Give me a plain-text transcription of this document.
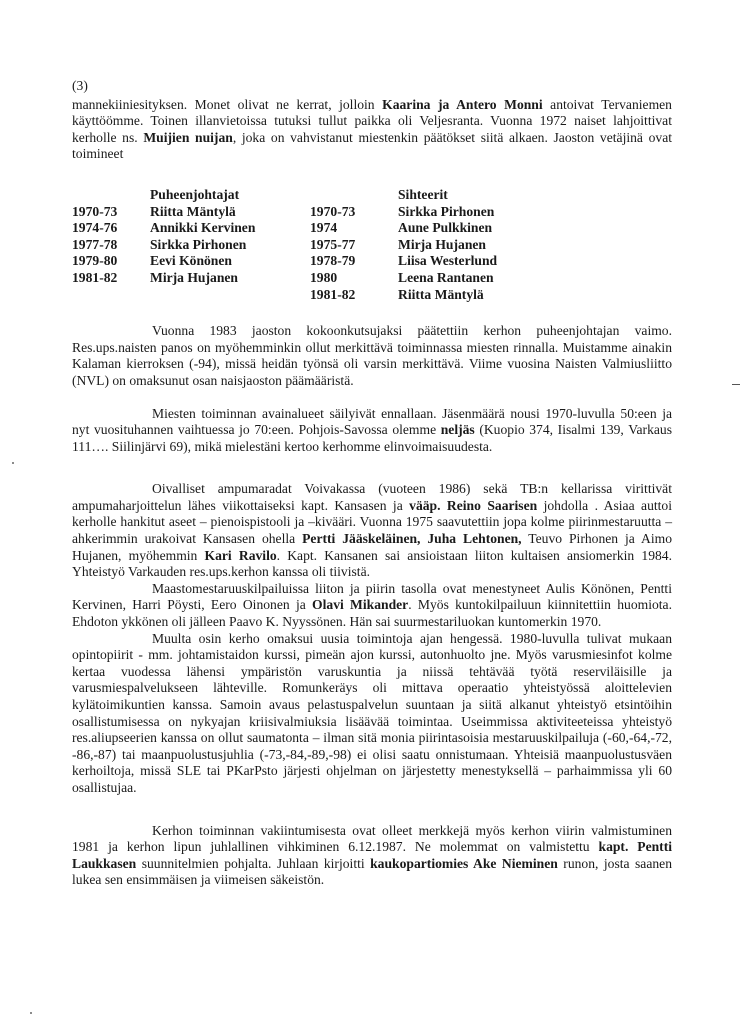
(3)

mannekiiniesityksen. Monet olivat ne kerrat, jolloin Kaarina ja Antero Monni antoivat Tervaniemen käyttöömme. Toinen illanvietoissa tutuksi tullut paikka oli Veljesranta. Vuonna 1972 naiset lahjoittivat kerholle ns. Muijien nuijan, joka on vahvistanut miestenkin päätökset siitä alkaen. Jaoston vetäjinä ovat toimineet

	Puheenjohtajat		Sihteerit
1970-73	Riitta Mäntylä	1970-73	Sirkka Pirhonen
1974-76	Annikki Kervinen	1974	Aune Pulkkinen
1977-78	Sirkka Pirhonen	1975-77	Mirja Hujanen
1979-80	Eevi Könönen	1978-79	Liisa Westerlund
1981-82	Mirja Hujanen	1980	Leena Rantanen
		1981-82	Riitta Mäntylä

Vuonna 1983 jaoston kokoonkutsujaksi päätettiin kerhon puheenjohtajan vaimo. Res.ups.naisten panos on myöhemminkin ollut merkittävä toiminnassa miesten rinnalla. Muistamme ainakin Kalaman kierroksen (-94), missä heidän työnsä oli varsin merkittävä. Viime vuosina Naisten Valmiusliitto (NVL) on omaksunut osan naisjaoston päämääristä.

Miesten toiminnan avainalueet säilyivät ennallaan. Jäsenmäärä nousi 1970-luvulla 50:een ja nyt vuosituhannen vaihtuessa jo 70:een. Pohjois-Savossa olemme neljäs (Kuopio 374, Iisalmi 139, Varkaus 111…. Siilinjärvi 69), mikä mielestäni kertoo kerhomme elinvoimaisuudesta.

Oivalliset ampumaradat Voivakassa (vuoteen 1986) sekä TB:n kellarissa virittivät ampumaharjoittelun lähes viikottaiseksi kapt. Kansasen ja vääp. Reino Saarisen johdolla . Asiaa auttoi kerholle hankitut aseet – pienoispistooli ja –kivääri. Vuonna 1975 saavutettiin jopa kolme piirinmestaruutta – ahkerimmin urakoivat Kansasen ohella Pertti Jääskeläinen, Juha Lehtonen, Teuvo Pirhonen ja Aimo Hujanen, myöhemmin Kari Ravilo. Kapt. Kansanen sai ansioistaan liiton kultaisen ansiomerkin 1984. Yhteistyö Varkauden res.ups.kerhon kanssa oli tiivistä.

Maastomestaruuskilpailuissa liiton ja piirin tasolla ovat menestyneet Aulis Könönen, Pentti Kervinen, Harri Pöysti, Eero Oinonen ja Olavi Mikander. Myös kuntokilpailuun kiinnitettiin huomiota. Ehdoton ykkönen oli jälleen Paavo K. Nyyssönen. Hän sai suurmestariluokan kuntomerkin 1970.

Muulta osin kerho omaksui uusia toimintoja ajan hengessä. 1980-luvulla tulivat mukaan opintopiirit - mm. johtamistaidon kurssi, pimeän ajon kurssi, autonhuolto jne. Myös varusmiesinfot kolme kertaa vuodessa lähensi ympäristön varuskuntia ja niissä tehtävää työtä reserviläisille ja varusmiespalvelukseen lähteville. Romunkeräys oli mittava operaatio yhteistyössä aloittelevien kylätoimikuntien kanssa. Samoin avaus pelastuspalvelun suuntaan ja siitä alkanut yhteistyö etsintöihin osallistumisessa on nykyajan kriisivalmiuksia lisäävää toimintaa. Useimmissa aktiviteeteissa yhteistyö res.aliupseerien kanssa on ollut saumatonta – ilman sitä monia piirintasoisia mestaruuskilpailuja (-60,-64,-72, -86,-87) tai maanpuolustusjuhlia (-73,-84,-89,-98) ei olisi saatu onnistumaan. Yhteisiä maanpuolustusväen kerhoiltoja, missä SLE tai PKarPsto järjesti ohjelman on järjestetty menestyksellä – parhaimmissa yli 60 osallistujaa.

Kerhon toiminnan vakiintumisesta ovat olleet merkkejä myös kerhon viirin valmistuminen 1981 ja kerhon lipun juhlallinen vihkiminen 6.12.1987. Ne molemmat on valmistettu kapt. Pentti Laukkasen suunnitelmien pohjalta. Juhlaan kirjoitti kaukopartiomies Ake Nieminen runon, josta saanen lukea sen ensimmäisen ja viimeisen säkeistön.
